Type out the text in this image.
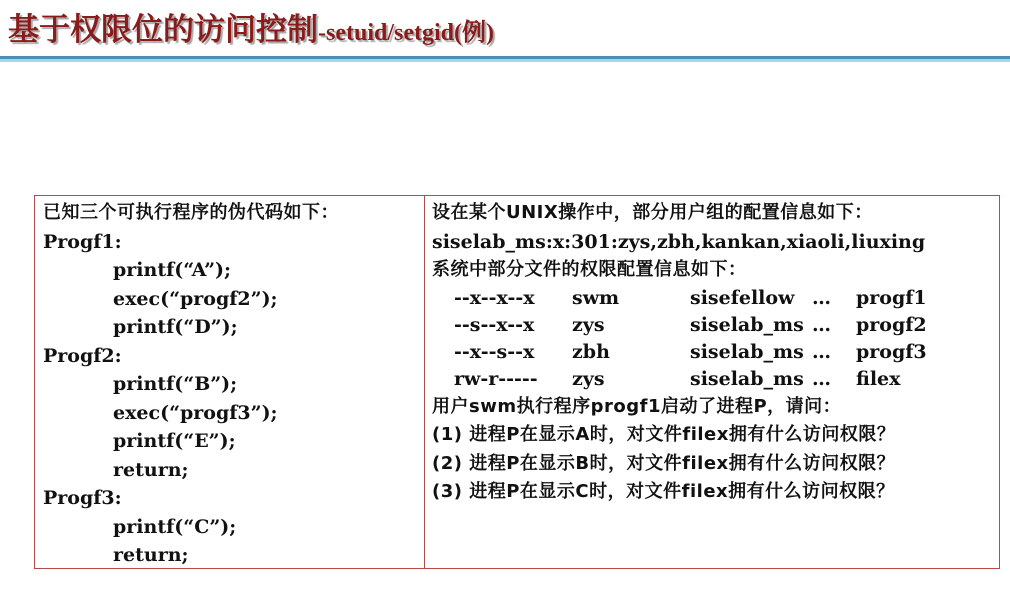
基于权限位的访问控制-setuid/setgid(例)
已知三个可执行程序的伪代码如下：
Progf1:
printf(“A”);
exec(“progf2”);
printf(“D”);
Progf2:
printf(“B”);
exec(“progf3”);
printf(“E”);
return;
Progf3:
printf(“C”);
return;
设在某个UNIX操作中，部分用户组的配置信息如下：
siselab_ms:x:301:zys,zbh,kankan,xiaoli,liuxing
系统中部分文件的权限配置信息如下：
--x--x--x	swm	sisefellow …	progf1
--s--x--x	zys	siselab_ms …	progf2
--x--s--x	zbh	siselab_ms …	progf3
rw-r-----	zys	siselab_ms …	filex
用户swm执行程序progf1启动了进程P，请问：
(1) 进程P在显示A时，对文件filex拥有什么访问权限？
(2) 进程P在显示B时，对文件filex拥有什么访问权限？
(3) 进程P在显示C时，对文件filex拥有什么访问权限？
